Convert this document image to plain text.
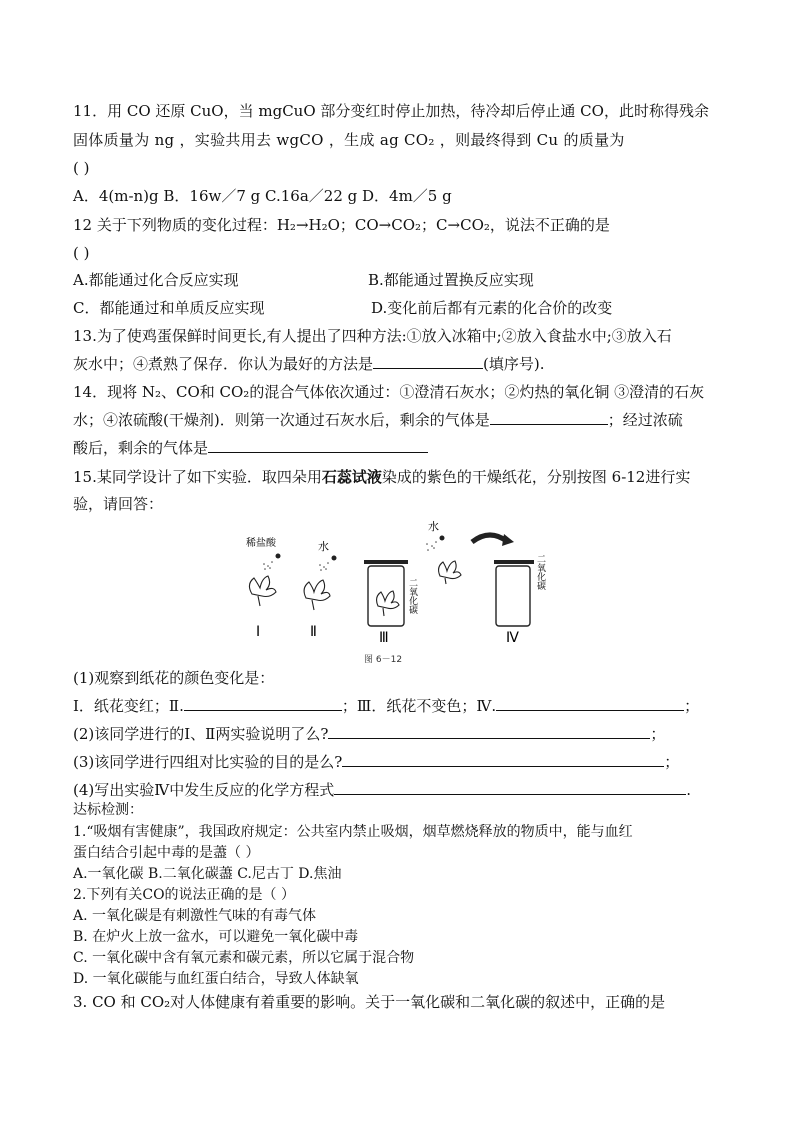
11．用 CO 还原 CuO，当 mgCuO 部分变红时停止加热，待冷却后停止通 CO，此时称得残余
固体质量为 ng ，实验共用去 wgCO ，生成 ag CO₂ ，则最终得到 Cu 的质量为
( )
A．4(m-n)g B．16w／7 g C.16a／22 g D．4m／5 g
12 关于下列物质的变化过程：H₂→H₂O；CO→CO₂；C→CO₂，说法不正确的是
( )
A.都能通过化合反应实现	B.都能通过置换反应实现
C．都能通过和单质反应实现	D.变化前后都有元素的化合价的改变
13.为了使鸡蛋保鲜时间更长,有人提出了四种方法:①放入冰箱中;②放入食盐水中;③放入石
灰水中；④煮熟了保存．你认为最好的方法是	(填序号).
14．现将 N₂、CO和 CO₂的混合气体依次通过：①澄清石灰水；②灼热的氧化铜 ③澄清的石灰
水；④浓硫酸(干燥剂)．则第一次通过石灰水后，剩余的气体是	；经过浓硫
酸后，剩余的气体是
15.某同学设计了如下实验．取四朵用石蕊试液染成的紫色的干燥纸花，分别按图 6-12进行实
验，请回答：
稀盐酸
Ⅰ
水
Ⅱ
二氧化碳
Ⅲ
水
二氧化碳
Ⅳ
图 6－12
(1)观察到纸花的颜色变化是：
Ⅰ．纸花变红；Ⅱ.	；Ⅲ．纸花不变色；Ⅳ.	；
(2)该同学进行的Ⅰ、Ⅱ两实验说明了么?	；
(3)该同学进行四组对比实验的目的是么?	；
(4)写出实验Ⅳ中发生反应的化学方程式	.
达标检测：
1.“吸烟有害健康”，我国政府规定：公共室内禁止吸烟，烟草燃烧释放的物质中，能与血红
蛋白结合引起中毒的是藎（ ）
A.一氧化碳 B.二氧化碳藎 C.尼古丁 D.焦油
2.下列有关CO的说法正确的是（ ）
A. 一氧化碳是有刺激性气味的有毒气体
B. 在炉火上放一盆水，可以避免一氧化碳中毒
C. 一氧化碳中含有氧元素和碳元素，所以它属于混合物
D. 一氧化碳能与血红蛋白结合，导致人体缺氧
3. CO 和 CO₂对人体健康有着重要的影响。关于一氧化碳和二氧化碳的叙述中，正确的是
